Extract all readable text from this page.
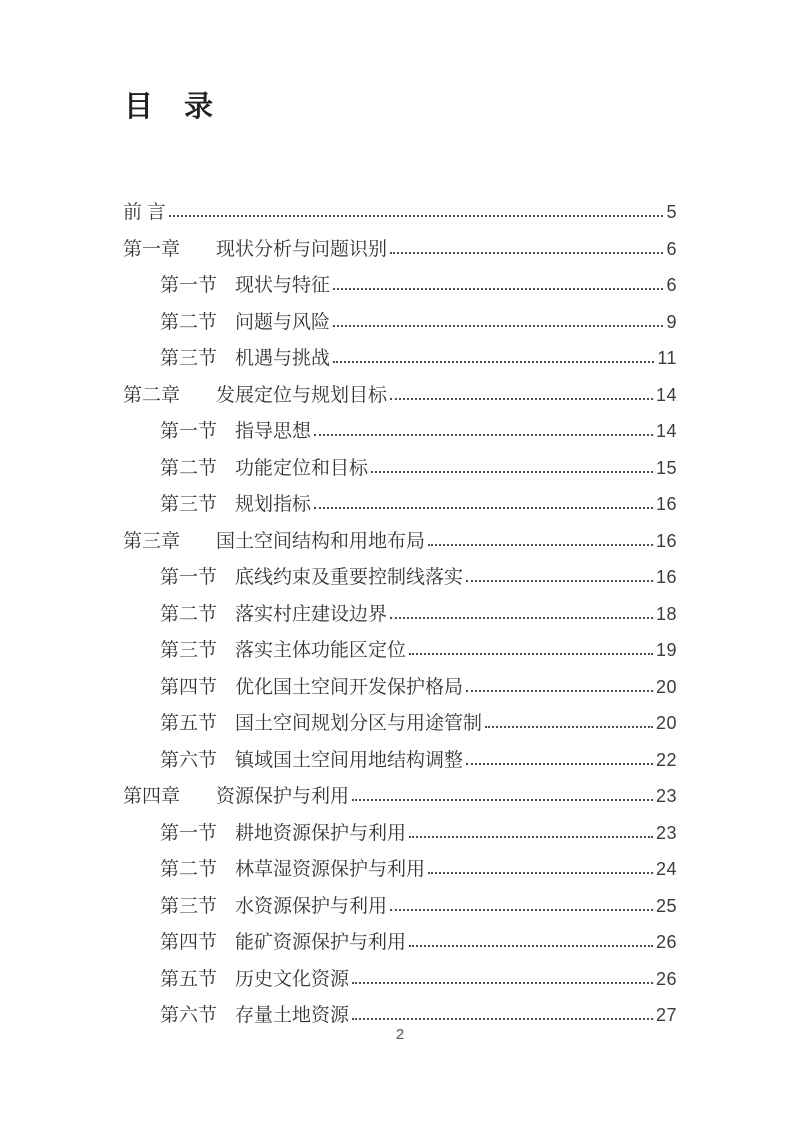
目　录
前 言	5
第一章 现状分析与问题识别	6
第一节 现状与特征	6
第二节 问题与风险	9
第三节 机遇与挑战	11
第二章 发展定位与规划目标	14
第一节 指导思想	14
第二节 功能定位和目标	15
第三节 规划指标	16
第三章 国土空间结构和用地布局	16
第一节 底线约束及重要控制线落实	16
第二节 落实村庄建设边界	18
第三节 落实主体功能区定位	19
第四节 优化国土空间开发保护格局	20
第五节 国土空间规划分区与用途管制	20
第六节 镇域国土空间用地结构调整	22
第四章 资源保护与利用	23
第一节 耕地资源保护与利用	23
第二节 林草湿资源保护与利用	24
第三节 水资源保护与利用	25
第四节 能矿资源保护与利用	26
第五节 历史文化资源	26
第六节 存量土地资源	27
2
